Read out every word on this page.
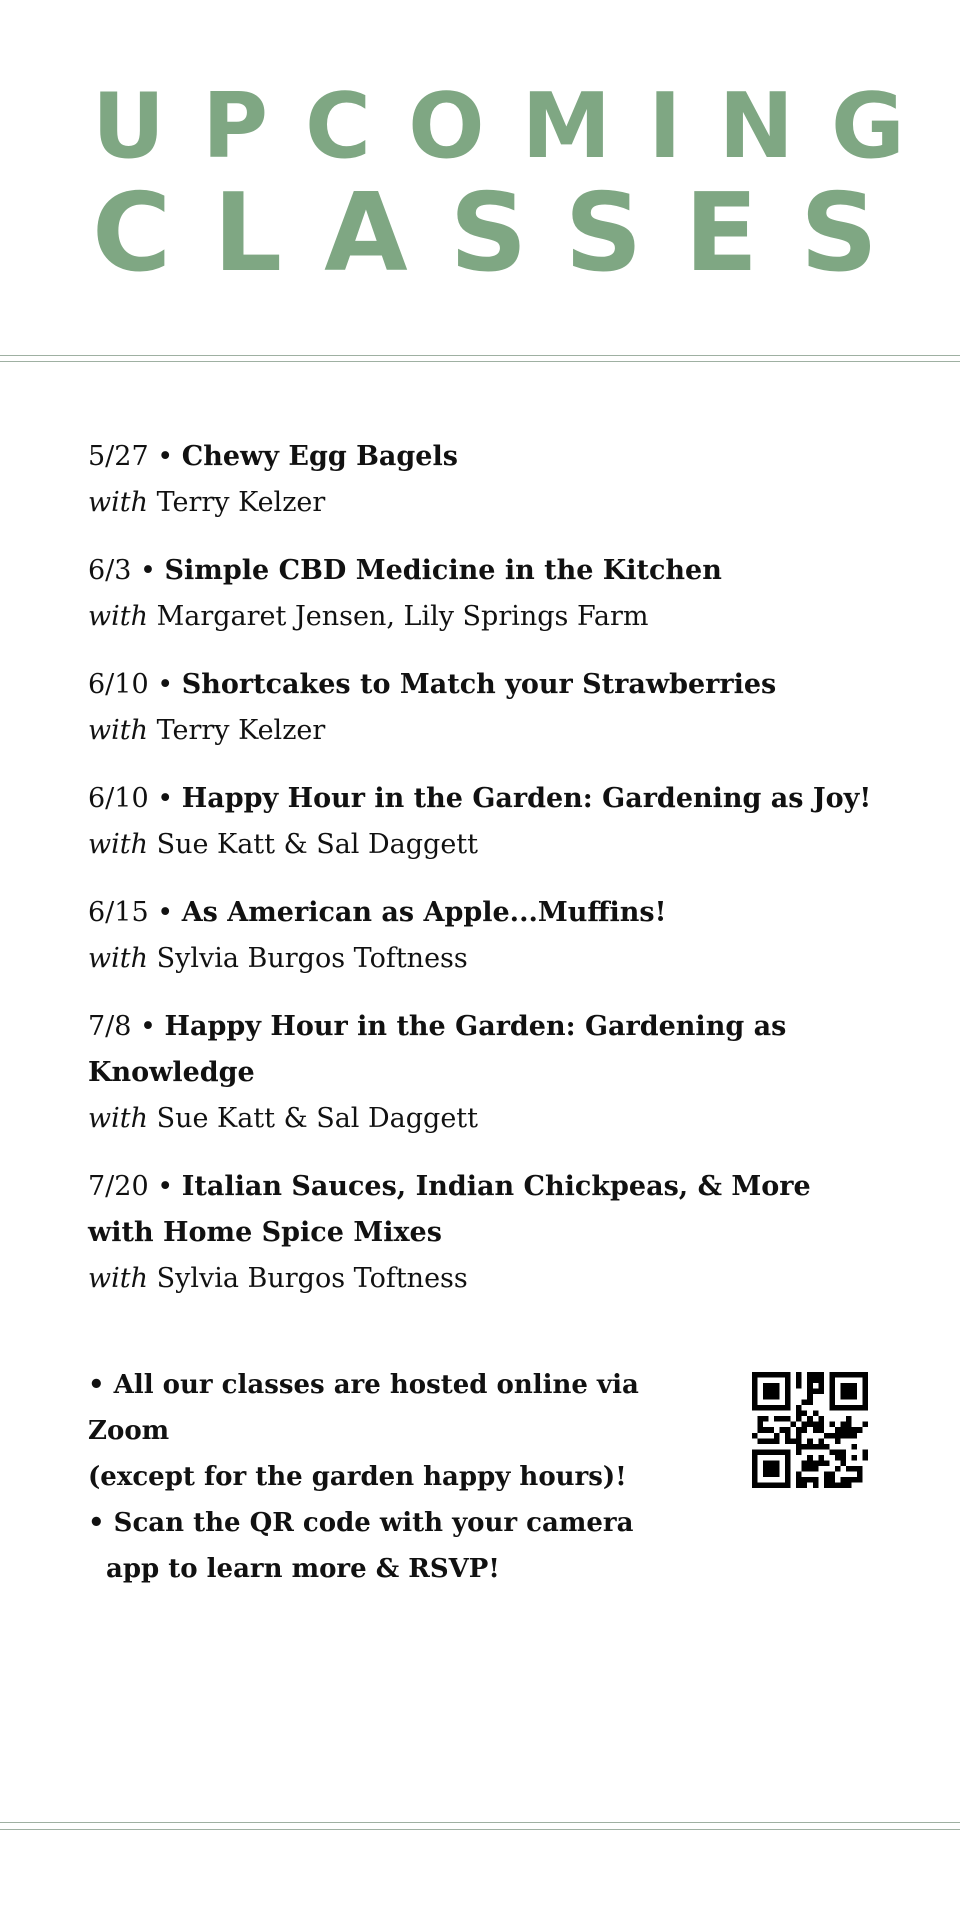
UPCOMING
CLASSES
5/27 • Chewy Egg Bagels
with Terry Kelzer
6/3 • Simple CBD Medicine in the Kitchen
with Margaret Jensen, Lily Springs Farm
6/10 • Shortcakes to Match your Strawberries
with Terry Kelzer
6/10 • Happy Hour in the Garden: Gardening as Joy!
with Sue Katt & Sal Daggett
6/15 • As American as Apple...Muffins!
with Sylvia Burgos Toftness
7/8 • Happy Hour in the Garden: Gardening as Knowledge
with Sue Katt & Sal Daggett
7/20 • Italian Sauces, Indian Chickpeas, & More
with Home Spice Mixes
with Sylvia Burgos Toftness

• All our classes are hosted online via Zoom

(except for the garden happy hours)!

• Scan the QR code with your camera

app to learn more & RSVP!
